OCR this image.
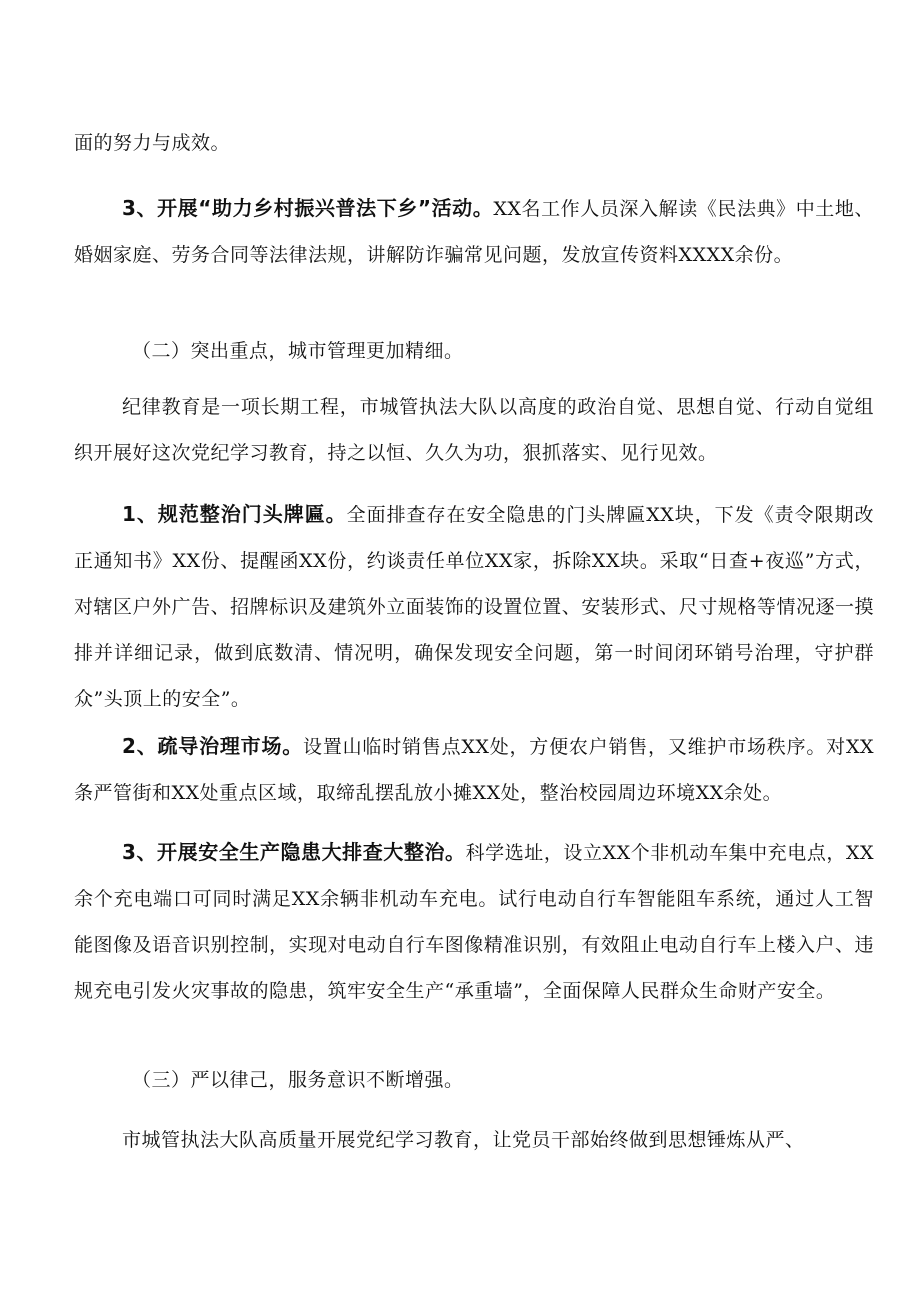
面的努力与成效。

3、开展“助力乡村振兴普法下乡”活动。XX名工作人员深入解读《民法典》中土地、婚姻家庭、劳务合同等法律法规，讲解防诈骗常见问题，发放宣传资料XXXX余份。

（二）突出重点，城市管理更加精细。

纪律教育是一项长期工程，市城管执法大队以高度的政治自觉、思想自觉、行动自觉组织开展好这次党纪学习教育，持之以恒、久久为功，狠抓落实、见行见效。

1、规范整治门头牌匾。全面排查存在安全隐患的门头牌匾XX块，下发《责令限期改正通知书》XX份、提醒函XX份，约谈责任单位XX家，拆除XX块。采取“日查+夜巡”方式，对辖区户外广告、招牌标识及建筑外立面装饰的设置位置、安装形式、尺寸规格等情况逐一摸排并详细记录，做到底数清、情况明，确保发现安全问题，第一时间闭环销号治理，守护群众”头顶上的安全”。

2、疏导治理市场。设置山临时销售点XX处，方便农户销售，又维护市场秩序。对XX条严管街和XX处重点区域，取缔乱摆乱放小摊XX处，整治校园周边环境XX余处。

3、开展安全生产隐患大排查大整治。科学选址，设立XX个非机动车集中充电点，XX余个充电端口可同时满足XX余辆非机动车充电。试行电动自行车智能阻车系统，通过人工智能图像及语音识别控制，实现对电动自行车图像精准识别，有效阻止电动自行车上楼入户、违规充电引发火灾事故的隐患，筑牢安全生产“承重墙”，全面保障人民群众生命财产安全。

（三）严以律己，服务意识不断增强。

市城管执法大队高质量开展党纪学习教育，让党员干部始终做到思想锤炼从严、
